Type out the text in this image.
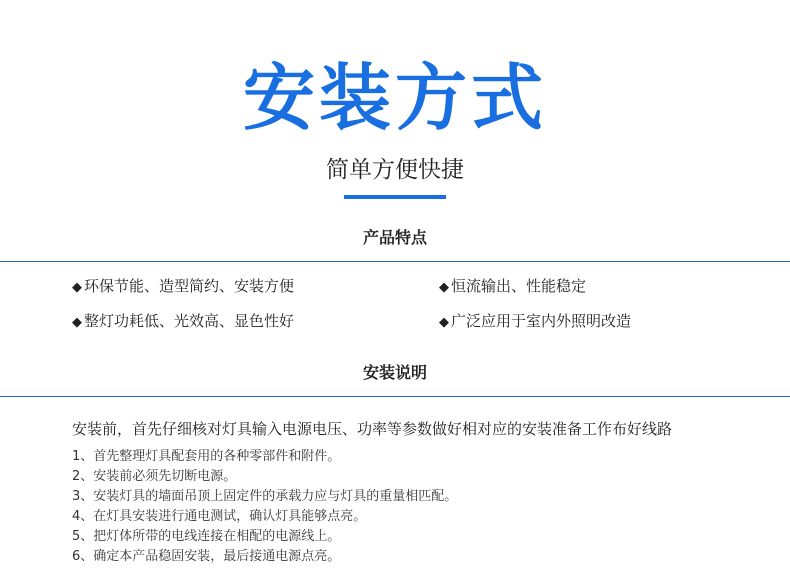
安装方式
简单方便快捷
产品特点
◆ 环保节能、造型简约、安装方便	◆ 恒流输出、性能稳定
◆ 整灯功耗低、光效高、显色性好	◆ 广泛应用于室内外照明改造
安装说明

安装前，首先仔细核对灯具输入电源电压、功率等参数做好相对应的安装准备工作布好线路

1、首先整理灯具配套用的各种零部件和附件。
2、安装前必须先切断电源。
3、安装灯具的墙面吊顶上固定件的承载力应与灯具的重量相匹配。
4、在灯具安装进行通电测试，确认灯具能够点亮。
5、把灯体所带的电线连接在相配的电源线上。
6、确定本产品稳固安装，最后接通电源点亮。
